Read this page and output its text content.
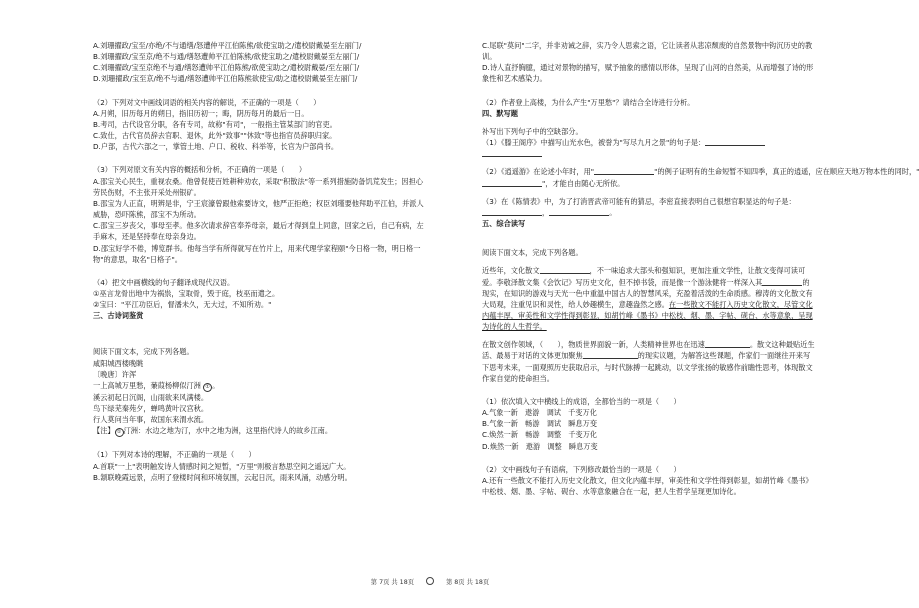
A.刘珊擢政/宝至/亦绝/不与通缮/怒遭仲平江伯陈熊/欲使宝助之/遣校尉戴晏至左丽门/
B.刘珊擢政/宝至京/绝不与通/缮怒遭帅平江伯陈熊/欲使宝助之/遣校尉戴晏至左丽门/
C.刘珊擢政/宝至京绝不与通/缮怒遭帅平江伯陈熊/欲使宝助之/遣校尉戴晏/至左丽门/
D.刘珊擢政/宝至京/绝不与通/缮怒遭帅平江伯陈熊欲使宝/助之遣校尉戴晏至左丽门/
（2）下列对文中画线词语的相关内容的解说，不正确的一项是（　　）
A.月朔，旧历每月的朔日，指旧历初一；晦，阴历每月的最后一日。
B.考司，古代设官分职，各有专司，故称"有司"，一般指主管某部门的官吏。
C.致仕，古代官员辞去官职、退休，此外"致事""休致"等也指官员辞职归家。
D.户部，古代六部之一，掌管土地、户口、税收、科举等，长官为户部尚书。
（3）下列对原文有关内容的概括和分析，不正确的一项是（　　）
A.邵宝关心民生，重视农桑。他曾促使百姓耕种劝农，采取"积散法"等一系列措施防备饥荒发生；因担心劳民伤财，不主张开采处州银矿。
B.邵宝为人正直，明辨是非，宁王宸濠曾跟他索要诗文，他严正拒绝；权臣刘瑾要他拜助平江伯，并派人威胁，恐吓陈熊，邵宝不为所动。
C.邵宝三岁丧父，事母至孝。他多次请求辞官奉养母亲，最后才得到皇上同意，回家之后，自己有病，左手麻木，还是坚持奉在母亲身边。
D.邵宝好学不倦，博览群书。他每当学有所得就写在竹片上，用来代理学家程颐"今日格一物，明日格一物"的意思，取名"日格子"。
（4）把文中画横线的句子翻译成现代汉语。
①巫言龙骨出地中为祸祟，宝取骨，毁于庭，枝巫而遣之。
②宝曰："平江功臣后，督潘未久，无大过，不知所劝。"
三、古诗词鉴赏
阅读下面文本，完成下列各题。
咸阳城西楼晚眺
〔晚唐〕许浑
一上高城万里愁，蒹葭杨柳似汀洲 ① 。
溪云初起日沉阁，山雨欲来风满楼。
鸟下绿芜秦苑夕，蝉鸣黄叶汉宫秋。
行人莫问当年事，故国东来渭水流。
【注】 ① 汀洲：水边之地为汀，水中之地为洲，这里指代诗人的故乡江南。
（1）下列对本诗的理解，不正确的一项是（　　）
A.首联"一上"表明触发诗人情感时间之短暂，"万里"则极言愁思空间之遥远广大。
B.颔联晚霞远景，点明了登楼时间和环境氛围，云起日沉，雨来风涌，动感分明。
C.尾联"莫问"二字，并非劝诫之辞，实乃令人思索之语，它让读者从悲凉颓废的自然景物中钩沉历史的教训。
D.诗人直抒胸臆，通过对景物的描写，赋予抽象的感情以形体，呈现了山河的自然美，从而增强了诗的形象性和艺术感染力。
（2）作者登上高楼，为什么产生"万里愁"？请结合全诗进行分析。
四、默写题
补写出下列句子中的空缺部分。
（1）《滕王阁序》中描写山光水色，被誉为"写尽九月之景"的句子是：
（2）《逍遥游》在论述小年时，用"	"的例子证明有的生命短暂不知四季，真正的逍遥，应在顺应天地万物本性的同时，"
"，才能自由随心无所依。
（3）在《陈情表》中，为了打消晋武帝可能有的猜忌，李密直接表明自己很想官职显达的句子是：
，	。
五、综合读写
阅读下面文本，完成下列各题。
近些年，文化散文	，不一味追求大部头和强知识，更加注重文学性，让散文变得可读可爱。李敬泽散文集《会饮记》写历史文化，但不掉书袋，而是像一个游泳健将一样深入其	的现实，在知识的游戏与天光一色中重温中国古人的智慧风采，充盈着活泼的生命质感。穆涛的文化散文有大局观，注重见识和灵性，给人妙趣横生，意趣盎然之感。在一些散文不能打入历史文化散文，尽管文化内蕴丰厚，审美性和文学性得到彰显，如胡竹峰《墨书》中松枝、烟、墨、字帖、砚台、水等意象，呈现为诗化的人生哲学。
在散文创作领域，（　　），物质世界面貌一新，人类精神世界也在迅速	。散文这种最贴近生活、最易于对话的文体更加聚焦	的现实议题，为解答这些课题，作家们一面继往开来写下思考未来，一面观照历史获取启示，与时代脉搏一起跳动，以文学张扬的敏感作前瞻性思考，体现散文作家自觉的使命担当。
（1）依次填入文中横线上的成语，全都恰当的一项是（　　）
A.气象一新　遨游　调试　千变万化
B.气象一新　畅游　调试　瞬息万变
C.焕然一新　畅游　调整　千变万化
D.焕然一新　遨游　调整　瞬息万变
（2）文中画线句子有语病，下列修改最恰当的一项是（　　）
A.还有一些散文不能打入历史文化散文，但文化内蕴丰厚，审美性和文学性得到彰显，如胡竹峰《墨书》中松枝、烟、墨、字帖、砚台、水等意象融合在一起，把人生哲学呈现更加诗化。
第 7页 共 18页	第 8页 共 18页
